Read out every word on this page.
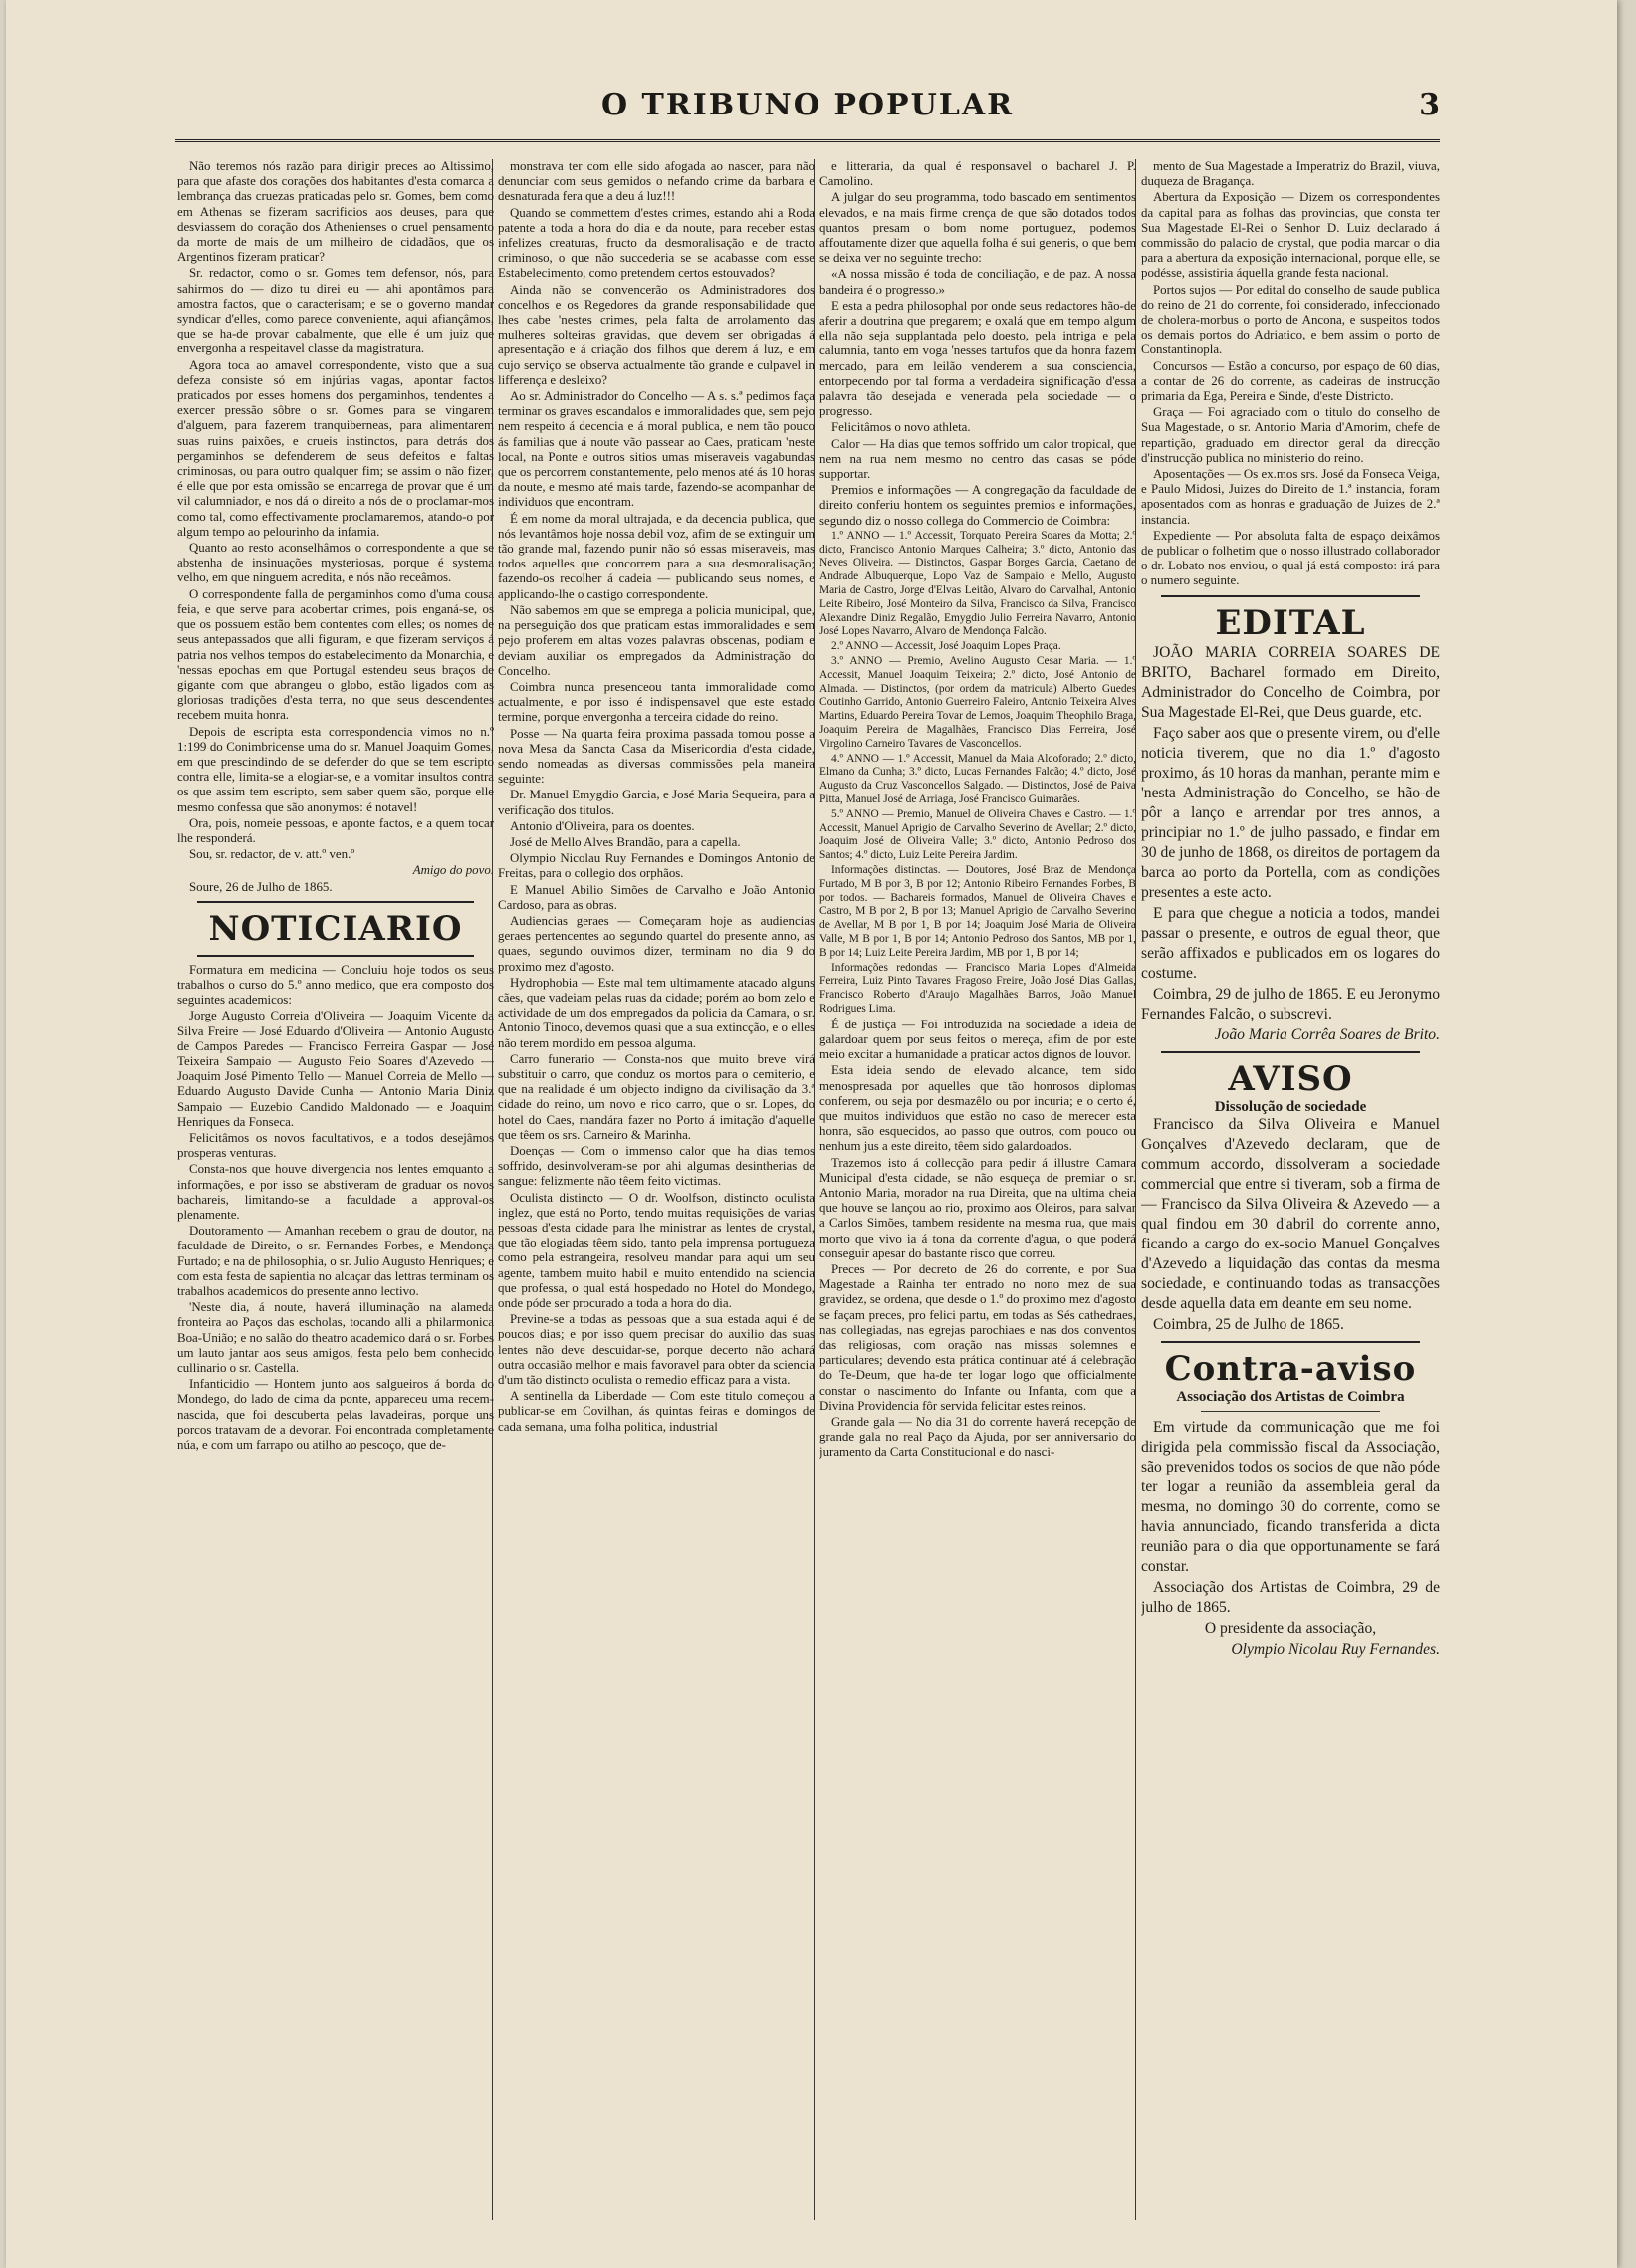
O TRIBUNO POPULAR	3

Não teremos nós razão para dirigir preces ao Altissimo, para que afaste dos corações dos habitantes d'esta comarca a lembrança das cruezas praticadas pelo sr. Gomes, bem como em Athenas se fizeram sacrificios aos deuses, para que desviassem do coração dos Athenienses o cruel pensamento da morte de mais de um milheiro de cidadãos, que os Argentinos fizeram praticar?

Sr. redactor, como o sr. Gomes tem defensor, nós, para sahirmos do — dizo tu direi eu — ahi apontâmos para amostra factos, que o caracterisam; e se o governo mandar syndicar d'elles, como parece conveniente, aqui afiançâmos, que se ha-de provar cabalmente, que elle é um juiz que envergonha a respeitavel classe da magistratura.

Agora toca ao amavel correspondente, visto que a sua defeza consiste só em injúrias vagas, apontar factos praticados por esses homens dos pergaminhos, tendentes a exercer pressão sôbre o sr. Gomes para se vingarem d'alguem, para fazerem tranquiberneas, para alimentarem suas ruins paixões, e crueis instinctos, para detrás dos pergaminhos se defenderem de seus defeitos e faltas criminosas, ou para outro qualquer fim; se assim o não fizer, é elle que por esta omissão se encarrega de provar que é um vil calumniador, e nos dá o direito a nós de o proclamar-mos como tal, como effectivamente proclamaremos, atando-o por algum tempo ao pelourinho da infamia.

Quanto ao resto aconselhâmos o correspondente a que se abstenha de insinuações mysteriosas, porque é systema velho, em que ninguem acredita, e nós não receâmos.

O correspondente falla de pergaminhos como d'uma cousa feia, e que serve para acobertar crimes, pois enganá-se, os que os possuem estão bem contentes com elles; os nomes de seus antepassados que alli figuram, e que fizeram serviços á patria nos velhos tempos do estabelecimento da Monarchia, e 'nessas epochas em que Portugal estendeu seus braços de gigante com que abrangeu o globo, estão ligados com as gloriosas tradições d'esta terra, no que seus descendentes recebem muita honra.

Depois de escripta esta correspondencia vimos no n.º 1:199 do Conimbricense uma do sr. Manuel Joaquim Gomes, em que prescindindo de se defender do que se tem escripto contra elle, limita-se a elogiar-se, e a vomitar insultos contra os que assim tem escripto, sem saber quem são, porque elle mesmo confessa que são anonymos: é notavel!

Ora, pois, nomeie pessoas, e aponte factos, e a quem tocar lhe responderá.

Sou, sr. redactor, de v. att.º ven.º

Amigo do povo.

Soure, 26 de Julho de 1865.

NOTICIARIO

Formatura em medicina — Concluiu hoje todos os seus trabalhos o curso do 5.º anno medico, que era composto dos seguintes academicos:

Jorge Augusto Correia d'Oliveira — Joaquim Vicente da Silva Freire — José Eduardo d'Oliveira — Antonio Augusto de Campos Paredes — Francisco Ferreira Gaspar — José Teixeira Sampaio — Augusto Feio Soares d'Azevedo — Joaquim José Pimento Tello — Manuel Correia de Mello — Eduardo Augusto Davide Cunha — Antonio Maria Diniz Sampaio — Euzebio Candido Maldonado — e Joaquim Henriques da Fonseca.

Felicitâmos os novos facultativos, e a todos desejâmos prosperas venturas.

Consta-nos que houve divergencia nos lentes emquanto a informações, e por isso se abstiveram de graduar os novos bachareis, limitando-se a faculdade a approval-os plenamente.

Doutoramento — Amanhan recebem o grau de doutor, na faculdade de Direito, o sr. Fernandes Forbes, e Mendonça Furtado; e na de philosophia, o sr. Julio Augusto Henriques; e com esta festa de sapientia no alcaçar das lettras terminam os trabalhos academicos do presente anno lectivo.

'Neste dia, á noute, haverá illuminação na alameda fronteira ao Paços das escholas, tocando alli a philarmonica Boa-União; e no salão do theatro academico dará o sr. Forbes um lauto jantar aos seus amigos, festa pelo bem conhecido cullinario o sr. Castella.

Infanticidio — Hontem junto aos salgueiros á borda do Mondego, do lado de cima da ponte, appareceu uma recem-nascida, que foi descuberta pelas lavadeiras, porque uns porcos tratavam de a devorar. Foi encontrada completamente núa, e com um farrapo ou atilho ao pescoço, que de-

monstrava ter com elle sido afogada ao nascer, para não denunciar com seus gemidos o nefando crime da barbara e desnaturada fera que a deu á luz!!!

Quando se commettem d'estes crimes, estando ahi a Roda patente a toda a hora do dia e da noute, para receber estas infelizes creaturas, fructo da desmoralisação e de tracto criminoso, o que não succederia se se acabasse com esse Estabelecimento, como pretendem certos estouvados?

Ainda não se convencerão os Administradores dos concelhos e os Regedores da grande responsabilidade que lhes cabe 'nestes crimes, pela falta de arrolamento das mulheres solteiras gravidas, que devem ser obrigadas á apresentação e á criação dos filhos que derem á luz, e em cujo serviço se observa actualmente tão grande e culpavel in lifferença e desleixo?

Ao sr. Administrador do Concelho — A s. s.ª pedimos faça terminar os graves escandalos e immoralidades que, sem pejo nem respeito á decencia e á moral publica, e nem tão pouco ás familias que á noute vão passear ao Caes, praticam 'neste local, na Ponte e outros sitios umas miseraveis vagabundas que os percorrem constantemente, pelo menos até ás 10 horas da noute, e mesmo até mais tarde, fazendo-se acompanhar de individuos que encontram.

É em nome da moral ultrajada, e da decencia publica, que nós levantâmos hoje nossa debil voz, afim de se extinguir um tão grande mal, fazendo punir não só essas miseraveis, mas todos aquelles que concorrem para a sua desmoralisação; fazendo-os recolher á cadeia — publicando seus nomes, e applicando-lhe o castigo correspondente.

Não sabemos em que se emprega a policia municipal, que, na perseguição dos que praticam estas immoralidades e sem pejo proferem em altas vozes palavras obscenas, podiam e deviam auxiliar os empregados da Administração do Concelho.

Coimbra nunca presenceou tanta immoralidade como actualmente, e por isso é indispensavel que este estado termine, porque envergonha a terceira cidade do reino.

Posse — Na quarta feira proxima passada tomou posse a nova Mesa da Sancta Casa da Misericordia d'esta cidade, sendo nomeadas as diversas commissões pela maneira seguinte:

Dr. Manuel Emygdio Garcia, e José Maria Sequeira, para a verificação dos titulos.

Antonio d'Oliveira, para os doentes.

José de Mello Alves Brandão, para a capella.

Olympio Nicolau Ruy Fernandes e Domingos Antonio de Freitas, para o collegio dos orphãos.

E Manuel Abilio Simões de Carvalho e João Antonio Cardoso, para as obras.

Audiencias geraes — Começaram hoje as audiencias geraes pertencentes ao segundo quartel do presente anno, as quaes, segundo ouvimos dizer, terminam no dia 9 do proximo mez d'agosto.

Hydrophobia — Este mal tem ultimamente atacado alguns cães, que vadeiam pelas ruas da cidade; porém ao bom zelo e actividade de um dos empregados da policia da Camara, o sr. Antonio Tinoco, devemos quasi que a sua extincção, e o elles não terem mordido em pessoa alguma.

Carro funerario — Consta-nos que muito breve virá substituir o carro, que conduz os mortos para o cemiterio, e que na realidade é um objecto indigno da civilisação da 3.ª cidade do reino, um novo e rico carro, que o sr. Lopes, do hotel do Caes, mandára fazer no Porto á imitação d'aquelle que têem os srs. Carneiro & Marinha.

Doenças — Com o immenso calor que ha dias temos soffrido, desinvolveram-se por ahi algumas desintherias de sangue: felizmente não têem feito victimas.

Oculista distincto — O dr. Woolfson, distincto oculista inglez, que está no Porto, tendo muitas requisições de varias pessoas d'esta cidade para lhe ministrar as lentes de crystal, que tão elogiadas têem sido, tanto pela imprensa portugueza como pela estrangeira, resolveu mandar para aqui um seu agente, tambem muito habil e muito entendido na sciencia que professa, o qual está hospedado no Hotel do Mondego, onde póde ser procurado a toda a hora do dia.

Previne-se a todas as pessoas que a sua estada aqui é de poucos dias; e por isso quem precisar do auxilio das suas lentes não deve descuidar-se, porque decerto não achará outra occasião melhor e mais favoravel para obter da sciencia d'um tão distincto oculista o remedio efficaz para a vista.

A sentinella da Liberdade — Com este titulo começou a publicar-se em Covilhan, ás quintas feiras e domingos de cada semana, uma folha politica, industrial

e litteraria, da qual é responsavel o bacharel J. P. Camolino.

A julgar do seu programma, todo bascado em sentimentos elevados, e na mais firme crença de que são dotados todos quantos presam o bom nome portuguez, podemos affoutamente dizer que aquella folha é sui generis, o que bem se deixa ver no seguinte trecho:

«A nossa missão é toda de conciliação, e de paz. A nossa bandeira é o progresso.»

E esta a pedra philosophal por onde seus redactores hão-de aferir a doutrina que pregarem; e oxalá que em tempo algum ella não seja supplantada pelo doesto, pela intriga e pela calumnia, tanto em voga 'nesses tartufos que da honra fazem mercado, para em leilão venderem a sua consciencia, entorpecendo por tal forma a verdadeira significação d'essa palavra tão desejada e venerada pela sociedade — o progresso.

Felicitâmos o novo athleta.

Calor — Ha dias que temos soffrido um calor tropical, que nem na rua nem mesmo no centro das casas se póde supportar.

Premios e informações — A congregação da faculdade de direito conferiu hontem os seguintes premios e informações, segundo diz o nosso collega do Commercio de Coimbra:

1.º ANNO — 1.º Accessit, Torquato Pereira Soares da Motta; 2.º dicto, Francisco Antonio Marques Calheira; 3.º dicto, Antonio das Neves Oliveira. — Distinctos, Gaspar Borges Garcia, Caetano de Andrade Albuquerque, Lopo Vaz de Sampaio e Mello, Augusto Maria de Castro, Jorge d'Elvas Leitão, Alvaro do Carvalhal, Antonio Leite Ribeiro, José Monteiro da Silva, Francisco da Silva, Francisco Alexandre Diniz Regalão, Emygdio Julio Ferreira Navarro, Antonio José Lopes Navarro, Alvaro de Mendonça Falcão.

2.º ANNO — Accessit, José Joaquim Lopes Praça.

3.º ANNO — Premio, Avelino Augusto Cesar Maria. — 1.º Accessit, Manuel Joaquim Teixeira; 2.º dicto, José Antonio de Almada. — Distinctos, (por ordem da matricula) Alberto Guedes Coutinho Garrido, Antonio Guerreiro Faleiro, Antonio Teixeira Alves Martins, Eduardo Pereira Tovar de Lemos, Joaquim Theophilo Braga, Joaquim Pereira de Magalhães, Francisco Dias Ferreira, José Virgolino Carneiro Tavares de Vasconcellos.

4.º ANNO — 1.º Accessit, Manuel da Maia Alcoforado; 2.º dicto, Elmano da Cunha; 3.º dicto, Lucas Fernandes Falcão; 4.º dicto, José Augusto da Cruz Vasconcellos Salgado. — Distinctos, José de Paiva Pitta, Manuel José de Arriaga, José Francisco Guimarães.

5.º ANNO — Premio, Manuel de Oliveira Chaves e Castro. — 1.º Accessit, Manuel Aprigio de Carvalho Severino de Avellar; 2.º dicto, Joaquim José de Oliveira Valle; 3.º dicto, Antonio Pedroso dos Santos; 4.º dicto, Luiz Leite Pereira Jardim.

Informações distinctas. — Doutores, José Braz de Mendonça Furtado, M B por 3, B por 12; Antonio Ribeiro Fernandes Forbes, B por todos. — Bachareis formados, Manuel de Oliveira Chaves e Castro, M B por 2, B por 13; Manuel Aprigio de Carvalho Severino de Avellar, M B por 1, B por 14; Joaquim José Maria de Oliveira Valle, M B por 1, B por 14; Antonio Pedroso dos Santos, MB por 1, B por 14; Luiz Leite Pereira Jardim, MB por 1, B por 14;

Informações redondas — Francisco Maria Lopes d'Almeida Ferreira, Luiz Pinto Tavares Fragoso Freire, João José Dias Gallas, Francisco Roberto d'Araujo Magalhães Barros, João Manuel Rodrigues Lima.

É de justiça — Foi introduzida na sociedade a ideia de galardoar quem por seus feitos o mereça, afim de por este meio excitar a humanidade a praticar actos dignos de louvor.

Esta ideia sendo de elevado alcance, tem sido menospresada por aquelles que tão honrosos diplomas conferem, ou seja por desmazêlo ou por incuria; e o certo é, que muitos individuos que estão no caso de merecer esta honra, são esquecidos, ao passo que outros, com pouco ou nenhum jus a este direito, têem sido galardoados.

Trazemos isto á collecção para pedir á illustre Camara Municipal d'esta cidade, se não esqueça de premiar o sr. Antonio Maria, morador na rua Direita, que na ultima cheia que houve se lançou ao rio, proximo aos Oleiros, para salvar a Carlos Simões, tambem residente na mesma rua, que mais morto que vivo ia á tona da corrente d'agua, o que poderá conseguir apesar do bastante risco que correu.

Preces — Por decreto de 26 do corrente, e por Sua Magestade a Rainha ter entrado no nono mez de sua gravidez, se ordena, que desde o 1.º do proximo mez d'agosto se façam preces, pro felici partu, em todas as Sés cathedraes, nas collegiadas, nas egrejas parochiaes e nas dos conventos das religiosas, com oração nas missas solemnes e particulares; devendo esta prática continuar até á celebração do Te-Deum, que ha-de ter logar logo que officialmente constar o nascimento do Infante ou Infanta, com que a Divina Providencia fôr servida felicitar estes reinos.

Grande gala — No dia 31 do corrente haverá recepção de grande gala no real Paço da Ajuda, por ser anniversario do juramento da Carta Constitucional e do nasci-

mento de Sua Magestade a Imperatriz do Brazil, viuva, duqueza de Bragança.

Abertura da Exposição — Dizem os correspondentes da capital para as folhas das provincias, que consta ter Sua Magestade El-Rei o Senhor D. Luiz declarado á commissão do palacio de crystal, que podia marcar o dia para a abertura da exposição internacional, porque elle, se podésse, assistiria áquella grande festa nacional.

Portos sujos — Por edital do conselho de saude publica do reino de 21 do corrente, foi considerado, infeccionado de cholera-morbus o porto de Ancona, e suspeitos todos os demais portos do Adriatico, e bem assim o porto de Constantinopla.

Concursos — Estão a concurso, por espaço de 60 dias, a contar de 26 do corrente, as cadeiras de instrucção primaria da Ega, Pereira e Sinde, d'este Districto.

Graça — Foi agraciado com o titulo do conselho de Sua Magestade, o sr. Antonio Maria d'Amorim, chefe de repartição, graduado em director geral da direcção d'instrucção publica no ministerio do reino.

Aposentações — Os ex.mos srs. José da Fonseca Veiga, e Paulo Midosi, Juizes do Direito de 1.ª instancia, foram aposentados com as honras e graduação de Juizes de 2.ª instancia.

Expediente — Por absoluta falta de espaço deixâmos de publicar o folhetim que o nosso illustrado collaborador o dr. Lobato nos enviou, o qual já está composto: irá para o numero seguinte.

EDITAL

JOÃO MARIA CORREIA SOARES DE BRITO, Bacharel formado em Direito, Administrador do Concelho de Coimbra, por Sua Magestade El-Rei, que Deus guarde, etc.

Faço saber aos que o presente virem, ou d'elle noticia tiverem, que no dia 1.º d'agosto proximo, ás 10 horas da manhan, perante mim e 'nesta Administração do Concelho, se hão-de pôr a lanço e arrendar por tres annos, a principiar no 1.º de julho passado, e findar em 30 de junho de 1868, os direitos de portagem da barca ao porto da Portella, com as condições presentes a este acto.

E para que chegue a noticia a todos, mandei passar o presente, e outros de egual theor, que serão affixados e publicados em os logares do costume.

Coimbra, 29 de julho de 1865. E eu Jeronymo Fernandes Falcão, o subscrevi.

João Maria Corrêa Soares de Brito.

AVISO

Dissolução de sociedade

Francisco da Silva Oliveira e Manuel Gonçalves d'Azevedo declaram, que de commum accordo, dissolveram a sociedade commercial que entre si tiveram, sob a firma de — Francisco da Silva Oliveira & Azevedo — a qual findou em 30 d'abril do corrente anno, ficando a cargo do ex-socio Manuel Gonçalves d'Azevedo a liquidação das contas da mesma sociedade, e continuando todas as transacções desde aquella data em deante em seu nome.

Coimbra, 25 de Julho de 1865.

Contra-aviso

Associação dos Artistas de Coimbra

Em virtude da communicação que me foi dirigida pela commissão fiscal da Associação, são prevenidos todos os socios de que não póde ter logar a reunião da assembleia geral da mesma, no domingo 30 do corrente, como se havia annunciado, ficando transferida a dicta reunião para o dia que opportunamente se fará constar.

Associação dos Artistas de Coimbra, 29 de julho de 1865.

O presidente da associação,

Olympio Nicolau Ruy Fernandes.
